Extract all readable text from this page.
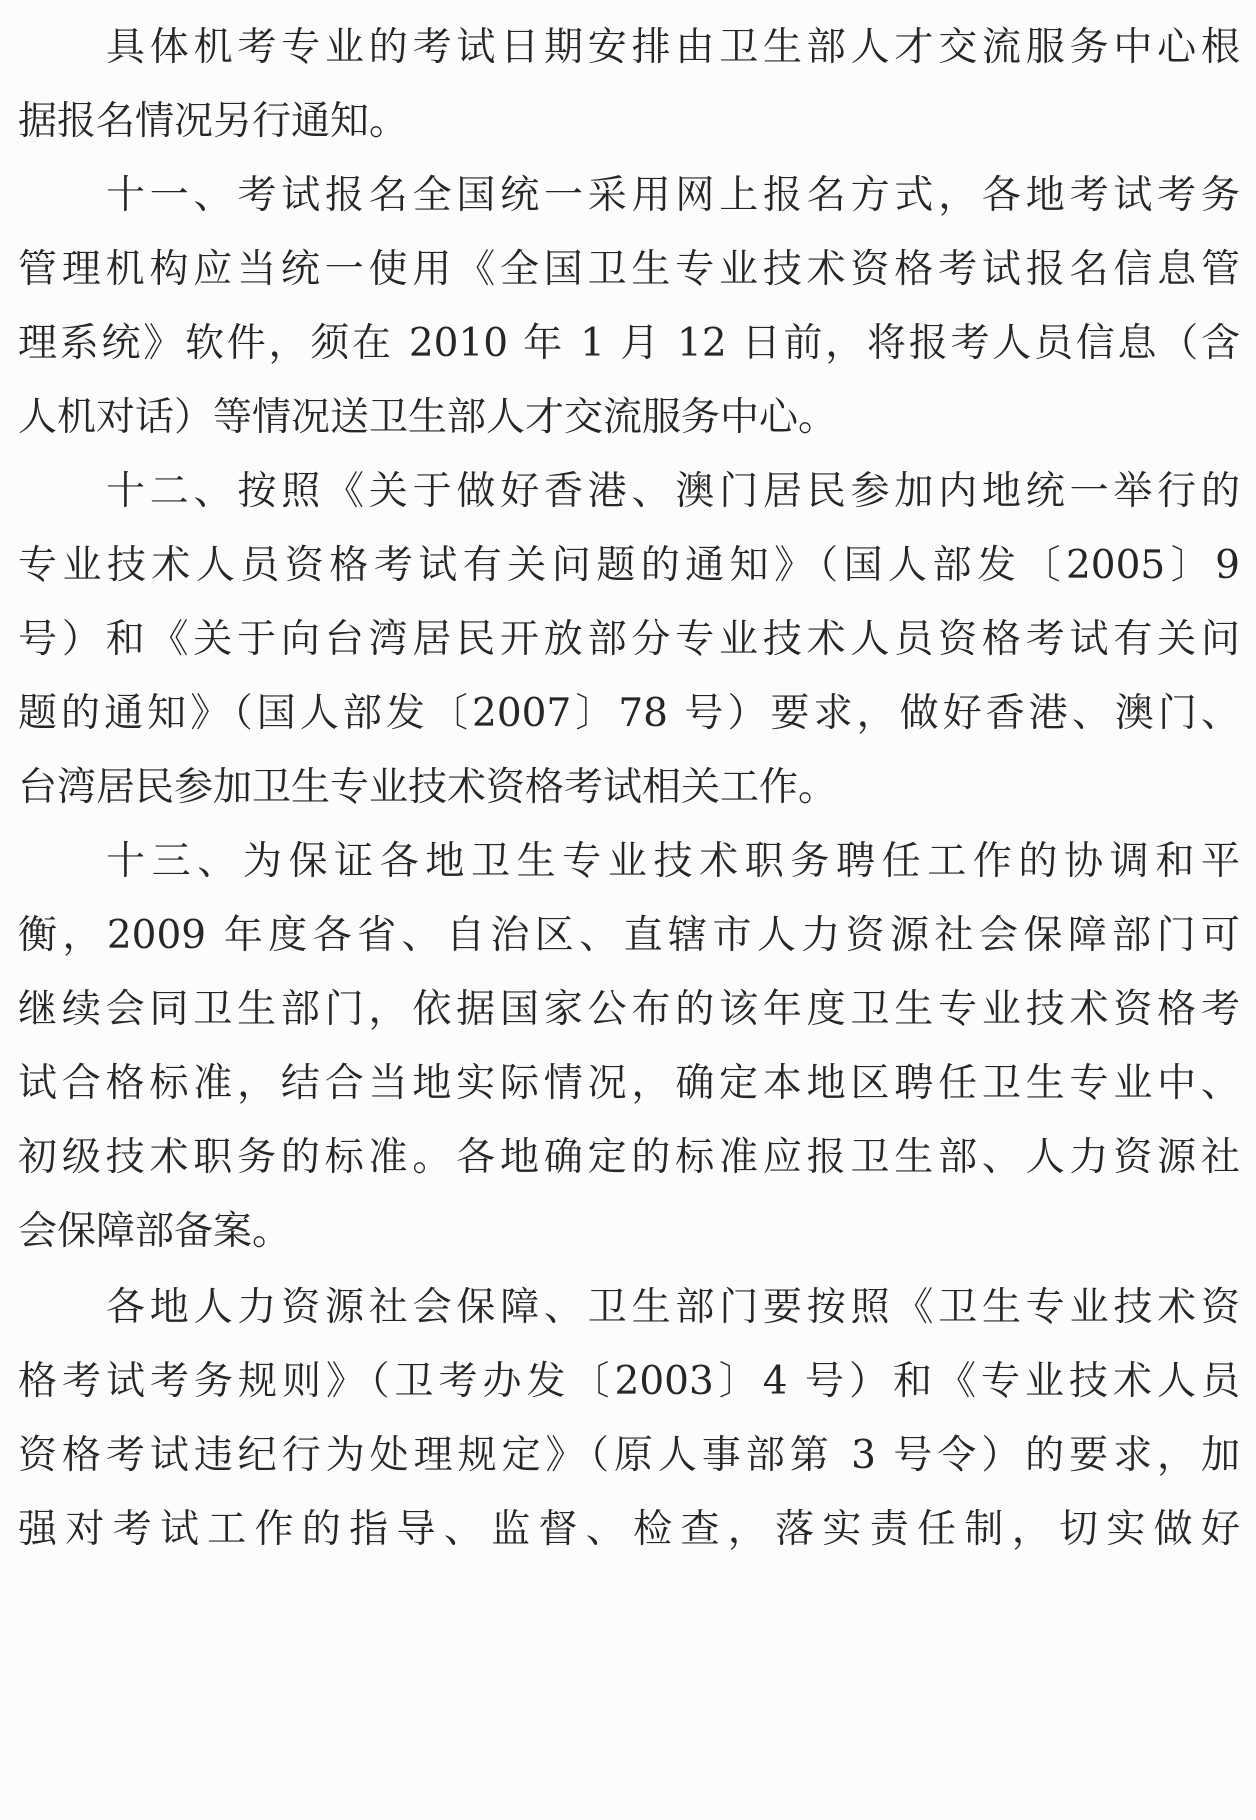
具体机考专业的考试日期安排由卫生部人才交流服务中心根
据报名情况另行通知。
十一、考试报名全国统一采用网上报名方式，各地考试考务
管理机构应当统一使用《全国卫生专业技术资格考试报名信息管
理系统》软件，须在 2010 年 1 月 12 日前，将报考人员信息（含
人机对话）等情况送卫生部人才交流服务中心。
十二、按照《关于做好香港、澳门居民参加内地统一举行的
专业技术人员资格考试有关问题的通知》（国人部发〔2005〕9
号）和《关于向台湾居民开放部分专业技术人员资格考试有关问
题的通知》（国人部发〔2007〕78 号）要求，做好香港、澳门、
台湾居民参加卫生专业技术资格考试相关工作。
十三、为保证各地卫生专业技术职务聘任工作的协调和平
衡，2009 年度各省、自治区、直辖市人力资源社会保障部门可
继续会同卫生部门，依据国家公布的该年度卫生专业技术资格考
试合格标准，结合当地实际情况，确定本地区聘任卫生专业中、
初级技术职务的标准。各地确定的标准应报卫生部、人力资源社
会保障部备案。
各地人力资源社会保障、卫生部门要按照《卫生专业技术资
格考试考务规则》（卫考办发〔2003〕4 号）和《专业技术人员
资格考试违纪行为处理规定》（原人事部第 3 号令）的要求，加
强对考试工作的指导、监督、检查，落实责任制，切实做好
